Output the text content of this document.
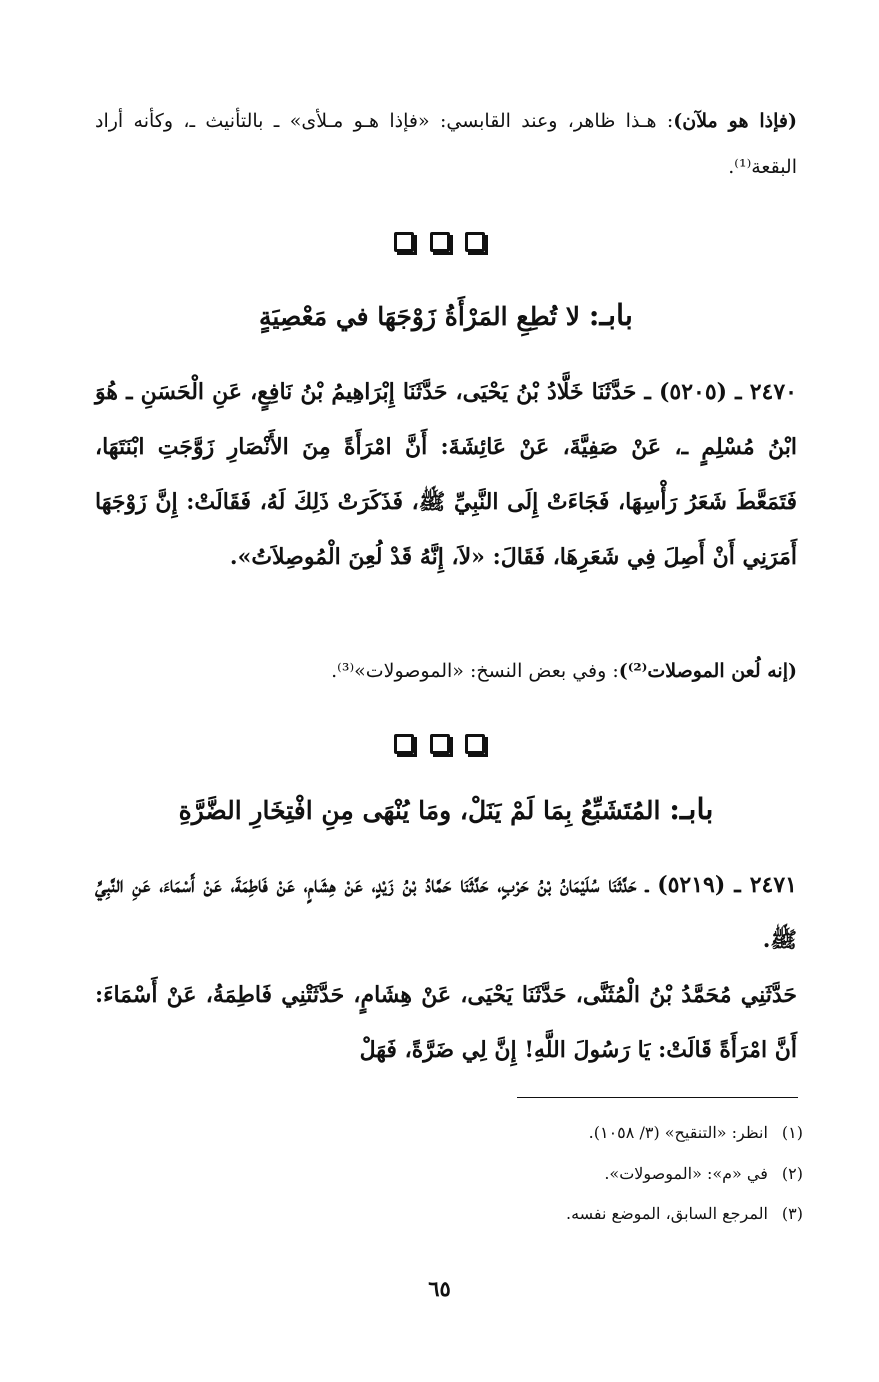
(فإذا هو ملآن): هـذا ظاهر، وعند القابسي: «فإذا هـو مـلأى» ـ بالتأنيث ـ، وكأنه أراد البقعة⁽¹⁾.

بابـ: لا تُطِعِ المَرْأَةُ زَوْجَهَا في مَعْصِيَةٍ
٢٤٧٠ ـ (٥٢٠٥) ـ حَدَّثَنَا خَلَّادُ بْنُ يَحْيَى، حَدَّثَنَا إِبْرَاهِيمُ بْنُ نَافِعٍ، عَنِ الْحَسَنِ ـ هُوَ ابْنُ مُسْلِمٍ ـ، عَنْ صَفِيَّةَ، عَنْ عَائِشَةَ: أَنَّ امْرَأَةً مِنَ الأَنْصَارِ زَوَّجَتِ ابْنَتَهَا، فَتَمَعَّطَ شَعَرُ رَأْسِهَا، فَجَاءَتْ إِلَى النَّبِيِّ ﷺ، فَذَكَرَتْ ذَلِكَ لَهُ، فَقَالَتْ: إِنَّ زَوْجَهَا أَمَرَنِي أَنْ أَصِلَ فِي شَعَرِهَا، فَقَالَ: «لاَ، إِنَّهُ قَدْ لُعِنَ الْمُوصِلاَتُ».
(إنه لُعن الموصلات⁽²⁾): وفي بعض النسخ: «الموصولات»⁽³⁾.

بابـ: المُتَشَبِّعُ بِمَا لَمْ يَنَلْ، ومَا يُنْهَى مِنِ افْتِخَارِ الضَّرَّةِ
٢٤٧١ ـ (٥٢١٩) ـ حَدَّثَنَا سُلَيْمَانُ بْنُ حَرْبٍ، حَدَّثَنَا حَمَّادُ بْنُ زَيْدٍ، عَنْ هِشَامٍ، عَنْ فَاطِمَةَ، عَنْ أَسْمَاءَ، عَنِ النَّبِيِّ ﷺ.
حَدَّثَنِي مُحَمَّدُ بْنُ الْمُثَنَّى، حَدَّثَنَا يَحْيَى، عَنْ هِشَامٍ، حَدَّثَتْنِي فَاطِمَةُ، عَنْ أَسْمَاءَ: أَنَّ امْرَأَةً قَالَتْ: يَا رَسُولَ اللَّهِ! إِنَّ لِي ضَرَّةً، فَهَلْ
(١)انظر: «التنقيح» (٣/ ١٠٥٨).
(٢)في «م»: «الموصولات».
(٣)المرجع السابق، الموضع نفسه.
٦٥
